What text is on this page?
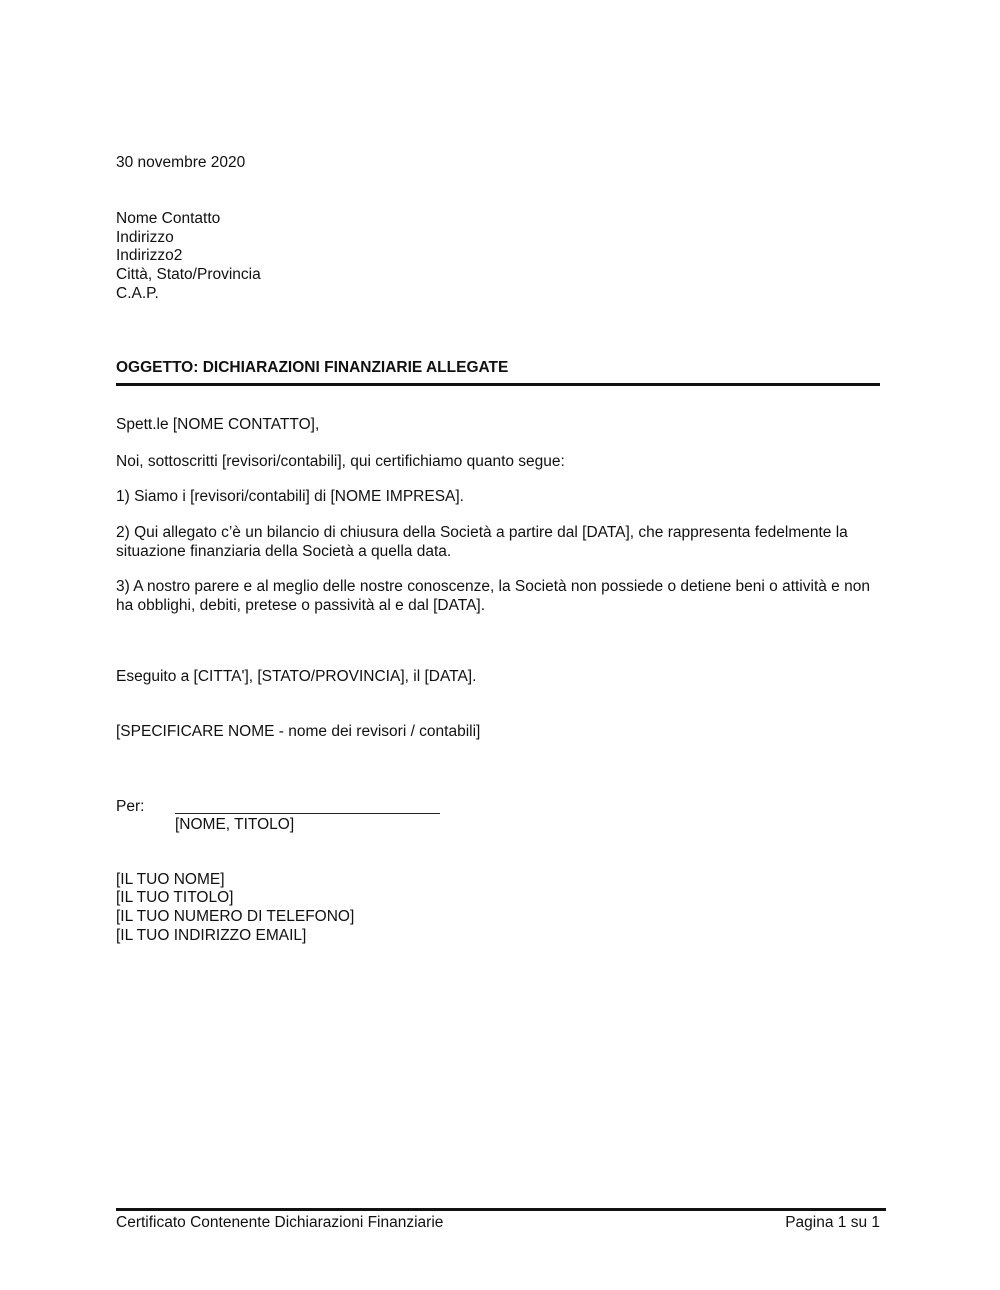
30 novembre 2020
Nome Contatto
Indirizzo
Indirizzo2
Città, Stato/Provincia
C.A.P.
OGGETTO: DICHIARAZIONI FINANZIARIE ALLEGATE
Spett.le [NOME CONTATTO],
Noi, sottoscritti [revisori/contabili], qui certifichiamo quanto segue:
1) Siamo i [revisori/contabili] di [NOME IMPRESA].
2) Qui allegato c’è un bilancio di chiusura della Società a partire dal [DATA], che rappresenta fedelmente la situazione finanziaria della Società a quella data.
3) A nostro parere e al meglio delle nostre conoscenze, la Società non possiede o detiene beni o attività e non ha obblighi, debiti, pretese o passività al e dal [DATA].
Eseguito a [CITTA'], [STATO/PROVINCIA], il [DATA].
[SPECIFICARE NOME - nome dei revisori / contabili]
Per:
[NOME, TITOLO]
[IL TUO NOME]
[IL TUO TITOLO]
[IL TUO NUMERO DI TELEFONO]
[IL TUO INDIRIZZO EMAIL]
Certificato Contenente Dichiarazioni Finanziarie	Pagina 1 su 1
